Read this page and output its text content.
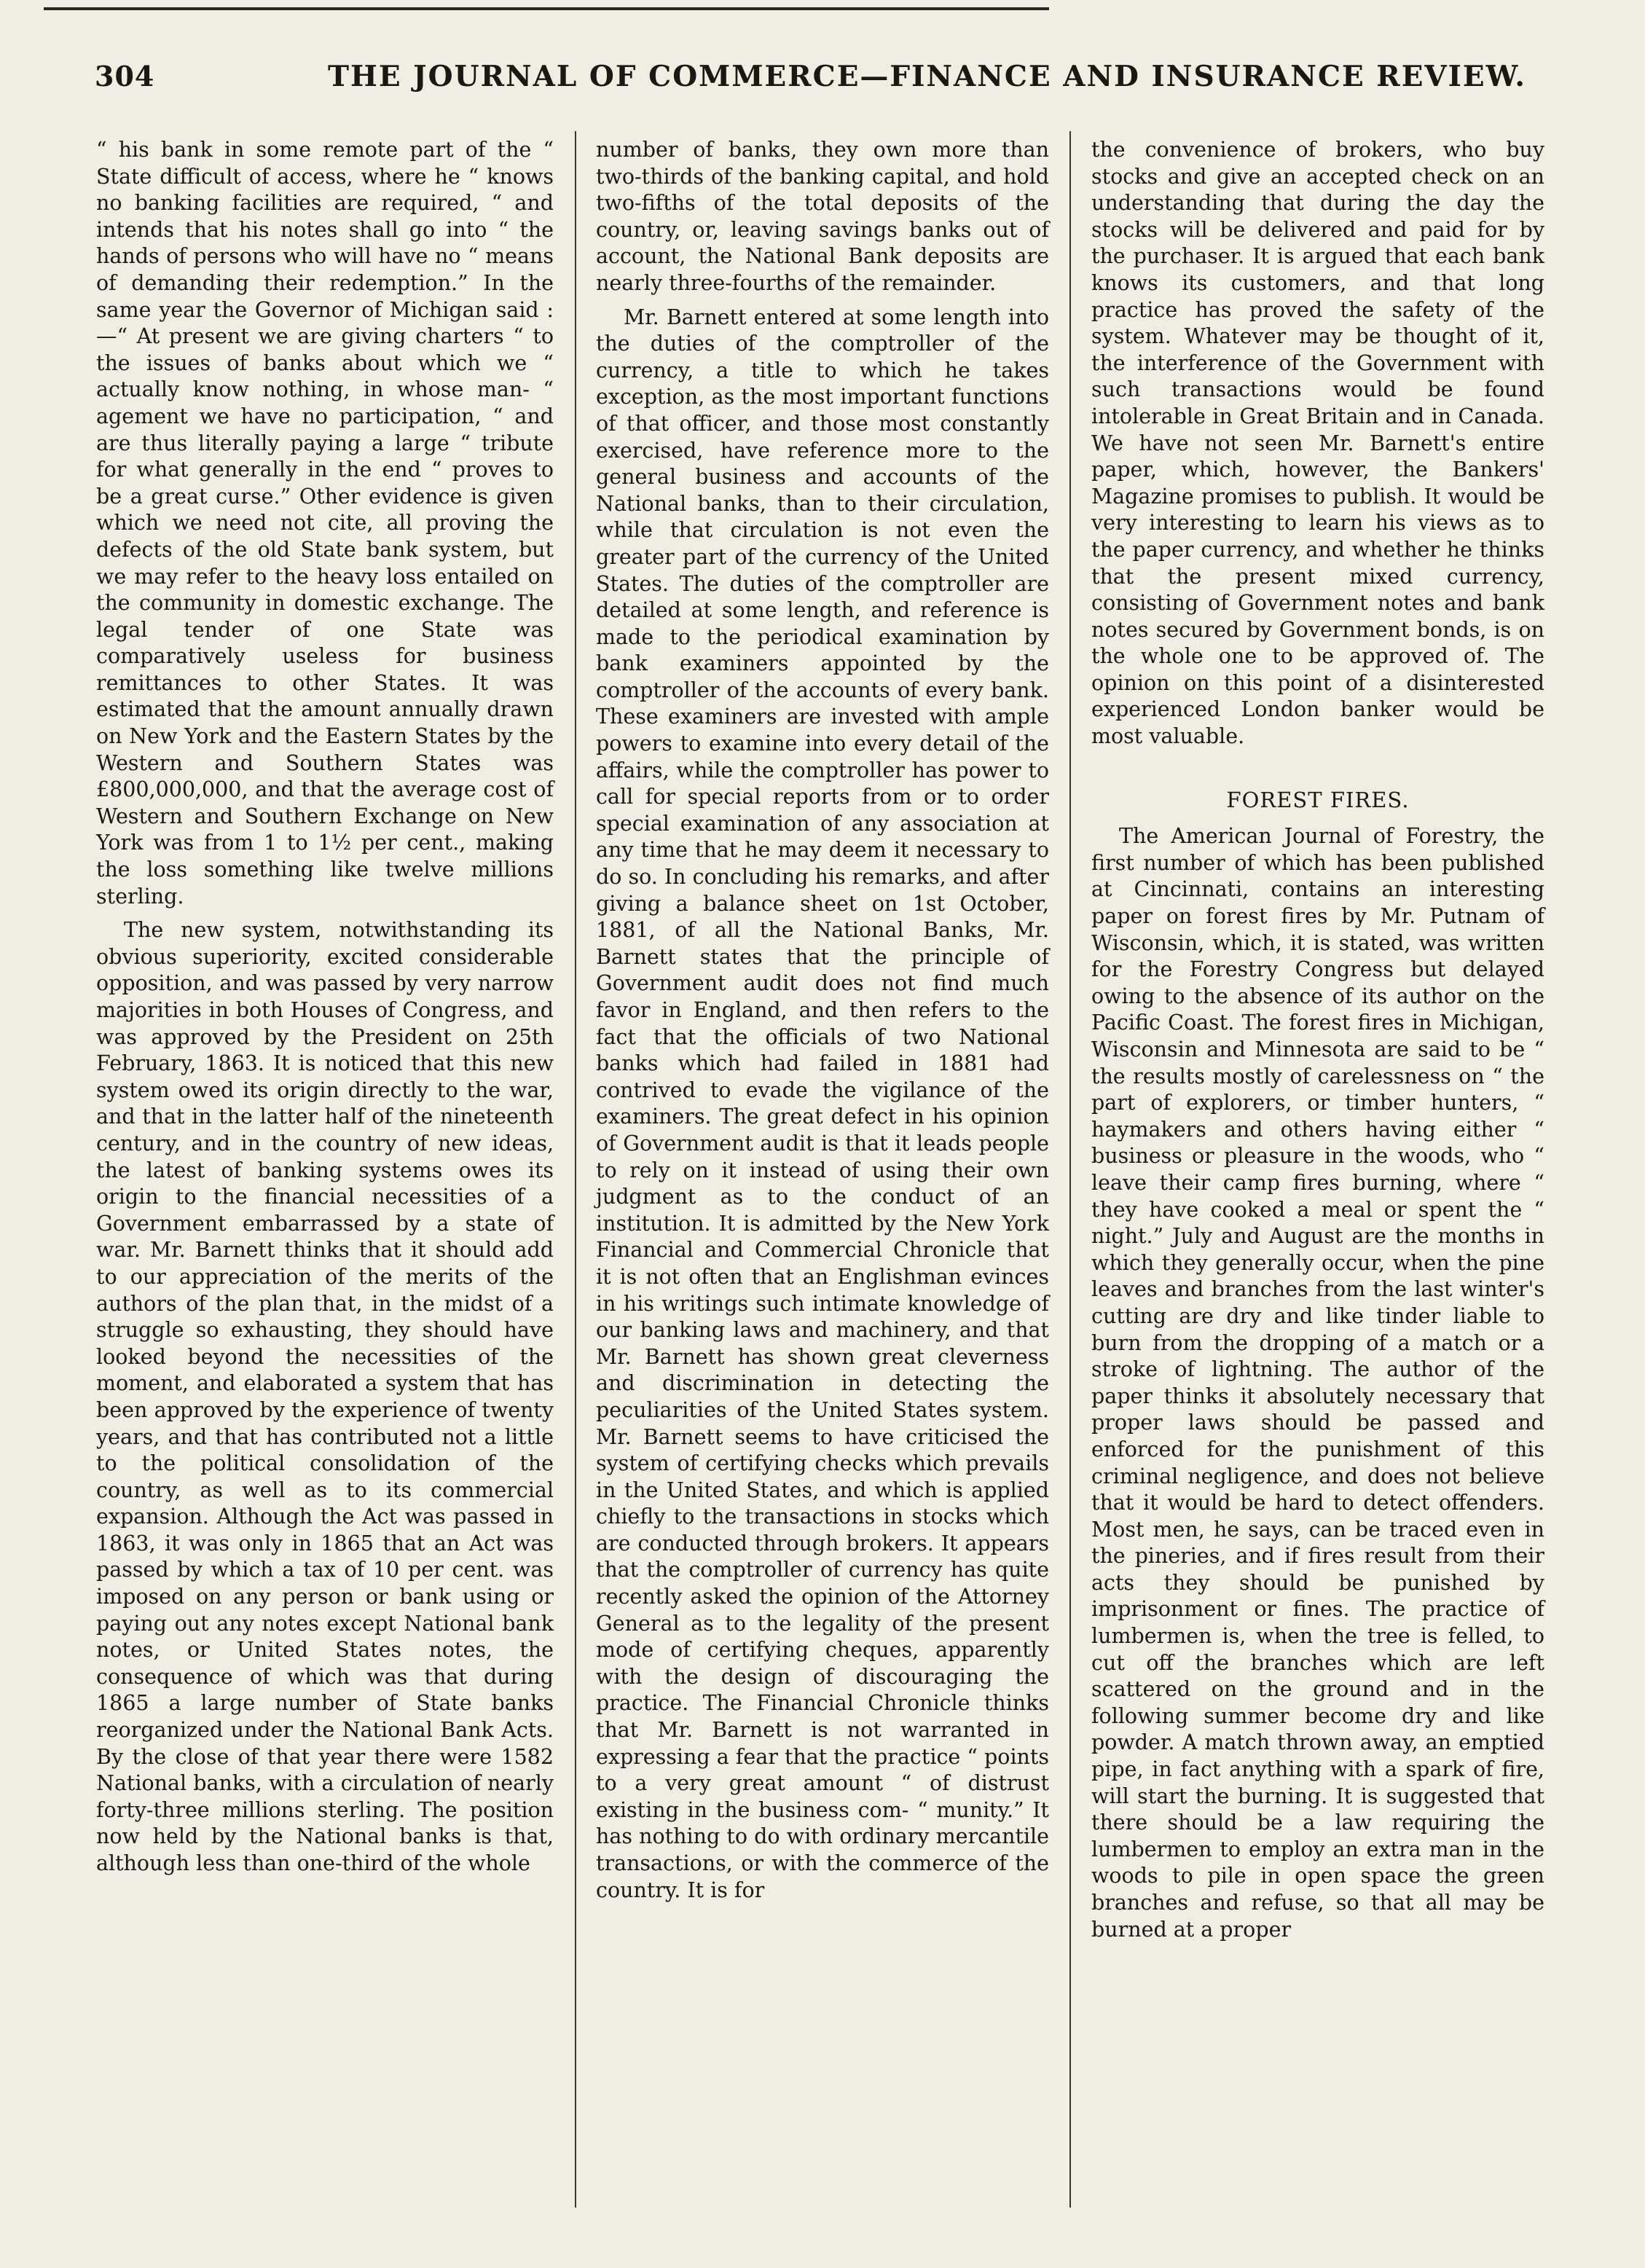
304	THE JOURNAL OF COMMERCE—FINANCE AND INSURANCE REVIEW.

“ his bank in some remote part of the “ State difficult of access, where he “ knows no banking facilities are required, “ and intends that his notes shall go into “ the hands of persons who will have no “ means of demanding their redemption.” In the same year the Governor of Michigan said :—“ At present we are giving charters “ to the issues of banks about which we “ actually know nothing, in whose man- “ agement we have no participation, “ and are thus literally paying a large “ tribute for what generally in the end “ proves to be a great curse.” Other evidence is given which we need not cite, all proving the defects of the old State bank system, but we may refer to the heavy loss entailed on the community in domestic exchange. The legal tender of one State was comparatively useless for business remittances to other States. It was estimated that the amount annually drawn on New York and the Eastern States by the Western and Southern States was £800,000,000, and that the average cost of Western and Southern Exchange on New York was from 1 to 1½ per cent., making the loss something like twelve millions sterling.

The new system, notwithstanding its obvious superiority, excited considerable opposition, and was passed by very narrow majorities in both Houses of Congress, and was approved by the President on 25th February, 1863. It is noticed that this new system owed its origin directly to the war, and that in the latter half of the nineteenth century, and in the country of new ideas, the latest of banking systems owes its origin to the financial necessities of a Government embarrassed by a state of war. Mr. Barnett thinks that it should add to our appreciation of the merits of the authors of the plan that, in the midst of a struggle so exhausting, they should have looked beyond the necessities of the moment, and elaborated a system that has been approved by the experience of twenty years, and that has contributed not a little to the political consolidation of the country, as well as to its commercial expansion. Although the Act was passed in 1863, it was only in 1865 that an Act was passed by which a tax of 10 per cent. was imposed on any person or bank using or paying out any notes except National bank notes, or United States notes, the consequence of which was that during 1865 a large number of State banks reorganized under the National Bank Acts. By the close of that year there were 1582 National banks, with a circulation of nearly forty-three millions sterling. The position now held by the National banks is that, although less than one-third of the whole

number of banks, they own more than two-thirds of the banking capital, and hold two-fifths of the total deposits of the country, or, leaving savings banks out of account, the National Bank deposits are nearly three-fourths of the remainder.

Mr. Barnett entered at some length into the duties of the comptroller of the currency, a title to which he takes exception, as the most important functions of that officer, and those most constantly exercised, have reference more to the general business and accounts of the National banks, than to their circulation, while that circulation is not even the greater part of the currency of the United States. The duties of the comptroller are detailed at some length, and reference is made to the periodical examination by bank examiners appointed by the comptroller of the accounts of every bank. These examiners are invested with ample powers to examine into every detail of the affairs, while the comptroller has power to call for special reports from or to order special examination of any association at any time that he may deem it necessary to do so. In concluding his remarks, and after giving a balance sheet on 1st October, 1881, of all the National Banks, Mr. Barnett states that the principle of Government audit does not find much favor in England, and then refers to the fact that the officials of two National banks which had failed in 1881 had contrived to evade the vigilance of the examiners. The great defect in his opinion of Government audit is that it leads people to rely on it instead of using their own judgment as to the conduct of an institution. It is admitted by the New York Financial and Commercial Chronicle that it is not often that an Englishman evinces in his writings such intimate knowledge of our banking laws and machinery, and that Mr. Barnett has shown great cleverness and discrimination in detecting the peculiarities of the United States system. Mr. Barnett seems to have criticised the system of certifying checks which prevails in the United States, and which is applied chiefly to the transactions in stocks which are conducted through brokers. It appears that the comptroller of currency has quite recently asked the opinion of the Attorney General as to the legality of the present mode of certifying cheques, apparently with the design of discouraging the practice. The Financial Chronicle thinks that Mr. Barnett is not warranted in expressing a fear that the practice “ points to a very great amount “ of distrust existing in the business com- “ munity.” It has nothing to do with ordinary mercantile transactions, or with the commerce of the country. It is for

the convenience of brokers, who buy stocks and give an accepted check on an understanding that during the day the stocks will be delivered and paid for by the purchaser. It is argued that each bank knows its customers, and that long practice has proved the safety of the system. Whatever may be thought of it, the interference of the Government with such transactions would be found intolerable in Great Britain and in Canada. We have not seen Mr. Barnett's entire paper, which, however, the Bankers' Magazine promises to publish. It would be very interesting to learn his views as to the paper currency, and whether he thinks that the present mixed currency, consisting of Government notes and bank notes secured by Government bonds, is on the whole one to be approved of. The opinion on this point of a disinterested experienced London banker would be most valuable.

FOREST FIRES.

The American Journal of Forestry, the first number of which has been published at Cincinnati, contains an interesting paper on forest fires by Mr. Putnam of Wisconsin, which, it is stated, was written for the Forestry Congress but delayed owing to the absence of its author on the Pacific Coast. The forest fires in Michigan, Wisconsin and Minnesota are said to be “ the results mostly of carelessness on “ the part of explorers, or timber hunters, “ haymakers and others having either “ business or pleasure in the woods, who “ leave their camp fires burning, where “ they have cooked a meal or spent the “ night.” July and August are the months in which they generally occur, when the pine leaves and branches from the last winter's cutting are dry and like tinder liable to burn from the dropping of a match or a stroke of lightning. The author of the paper thinks it absolutely necessary that proper laws should be passed and enforced for the punishment of this criminal negligence, and does not believe that it would be hard to detect offenders. Most men, he says, can be traced even in the pineries, and if fires result from their acts they should be punished by imprisonment or fines. The practice of lumbermen is, when the tree is felled, to cut off the branches which are left scattered on the ground and in the following summer become dry and like powder. A match thrown away, an emptied pipe, in fact anything with a spark of fire, will start the burning. It is suggested that there should be a law requiring the lumbermen to employ an extra man in the woods to pile in open space the green branches and refuse, so that all may be burned at a proper
